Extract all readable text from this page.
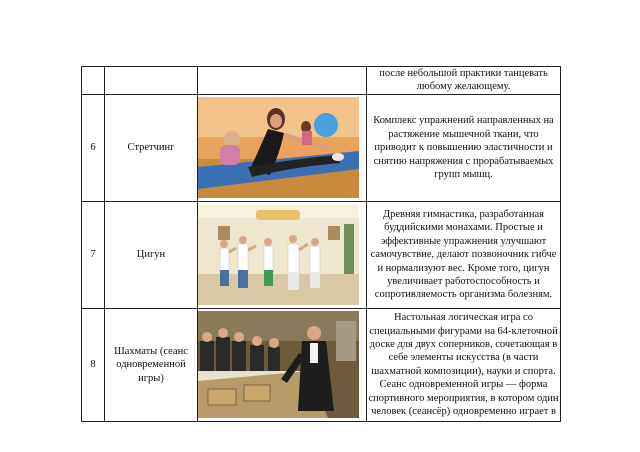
			после небольшой практики танцевать любому желающему.
6	Стретчинг		Комплекс упражнений направленных на растяжение мышечной ткани, что приводит к повышению эластичности и снятию напряжения с прорабатываемых групп мышц.
7	Цигун		Древняя гимнастика, разработанная буддийскими монахами. Простые и эффективные упражнения улучшают самочувствие, делают позвоночник гибче и нормализуют вес. Кроме того, цигун увеличивает работоспособность и сопротивляемость организма болезням.
8	Шахматы (сеанс одновременной игры)		Настольная логическая игра со специальными фигурами на 64-клеточной доске для двух соперников, сочетающая в себе элементы искусства (в части шахматной композиции), науки и спорта. Сеанс одновременной игры — форма спортивного мероприятия, в котором один человек (сеансёр) одновременно играет в
